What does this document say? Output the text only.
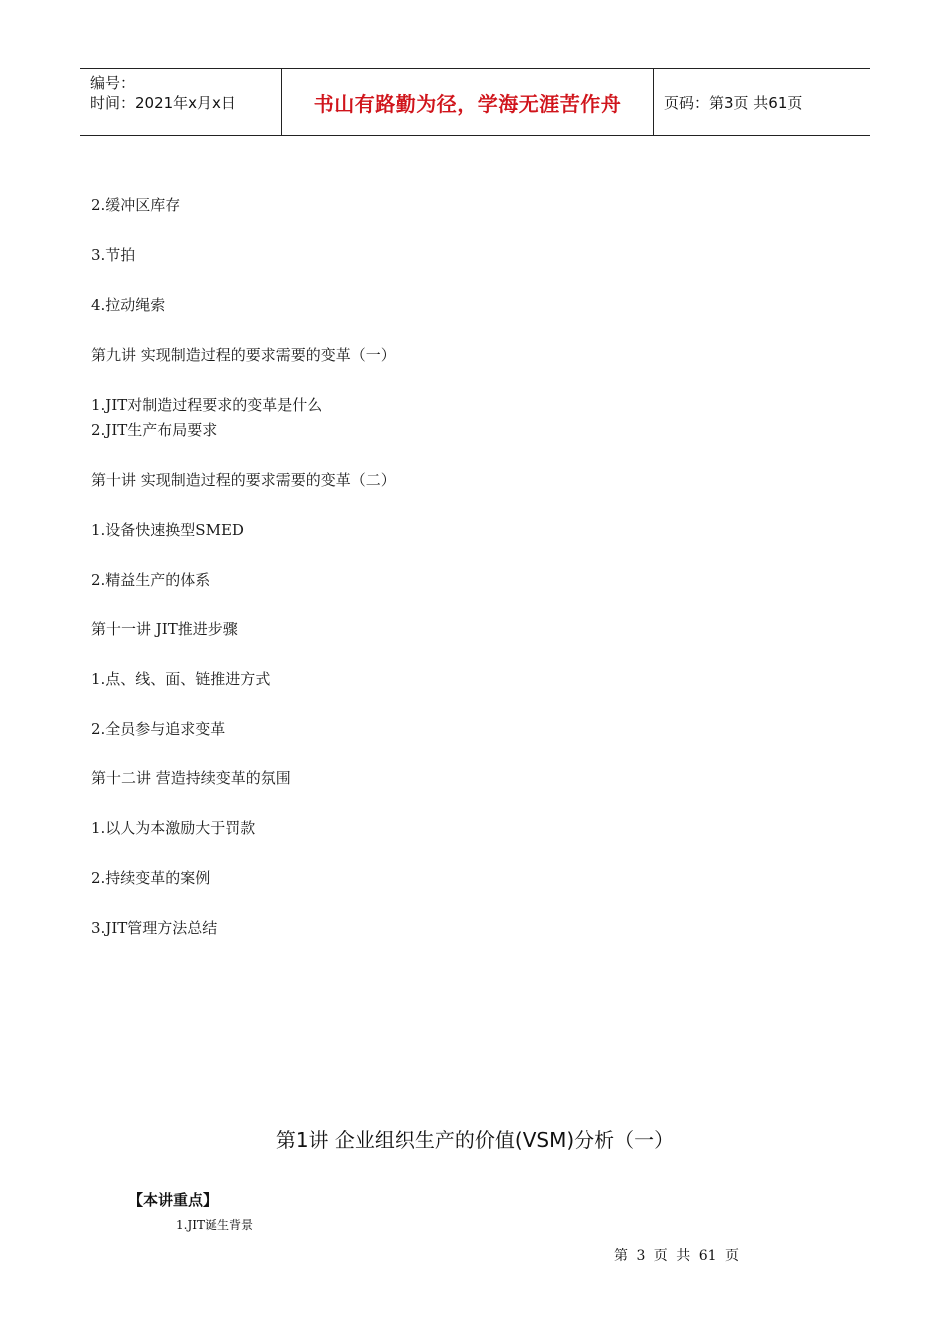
编号：
时间：2021年x月x日	书山有路勤为径，学海无涯苦作舟	页码：第3页 共61页
2.缓冲区库存
3.节拍
4.拉动绳索
第九讲 实现制造过程的要求需要的变革（一）
1.JIT对制造过程要求的变革是什么
2.JIT生产布局要求
第十讲 实现制造过程的要求需要的变革（二）
1.设备快速换型SMED
2.精益生产的体系
第十一讲 JIT推进步骤
1.点、线、面、链推进方式
2.全员参与追求变革
第十二讲 营造持续变革的氛围
1.以人为本激励大于罚款
2.持续变革的案例
3.JIT管理方法总结
第1讲 企业组织生产的价值(VSM)分析（一）
【本讲重点】
1.JIT诞生背景
第 3 页 共 61 页
